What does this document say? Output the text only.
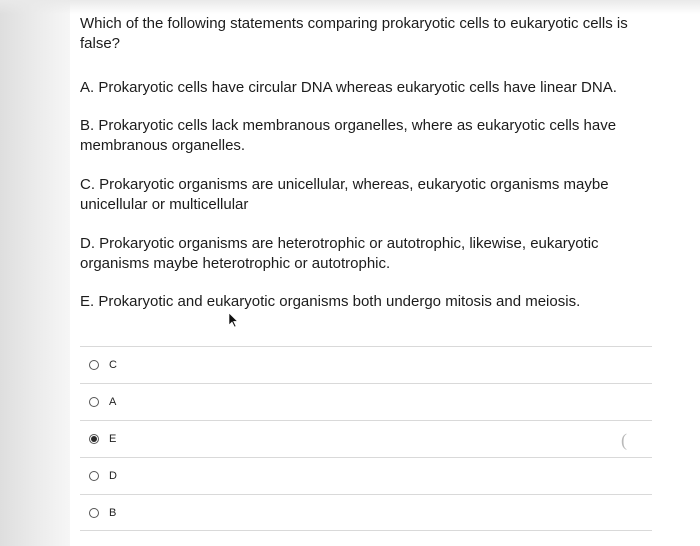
Which of the following statements comparing prokaryotic cells to eukaryotic cells is false?

A. Prokaryotic cells have circular DNA whereas eukaryotic cells have linear DNA.

B. Prokaryotic cells lack membranous organelles, where as eukaryotic cells have membranous organelles.

C. Prokaryotic organisms are unicellular, whereas, eukaryotic organisms maybe unicellular or multicellular

D. Prokaryotic organisms are heterotrophic or autotrophic, likewise, eukaryotic organisms maybe heterotrophic or autotrophic.

E. Prokaryotic and eukaryotic organisms both undergo mitosis and meiosis.

C
A
E
D
B
(
